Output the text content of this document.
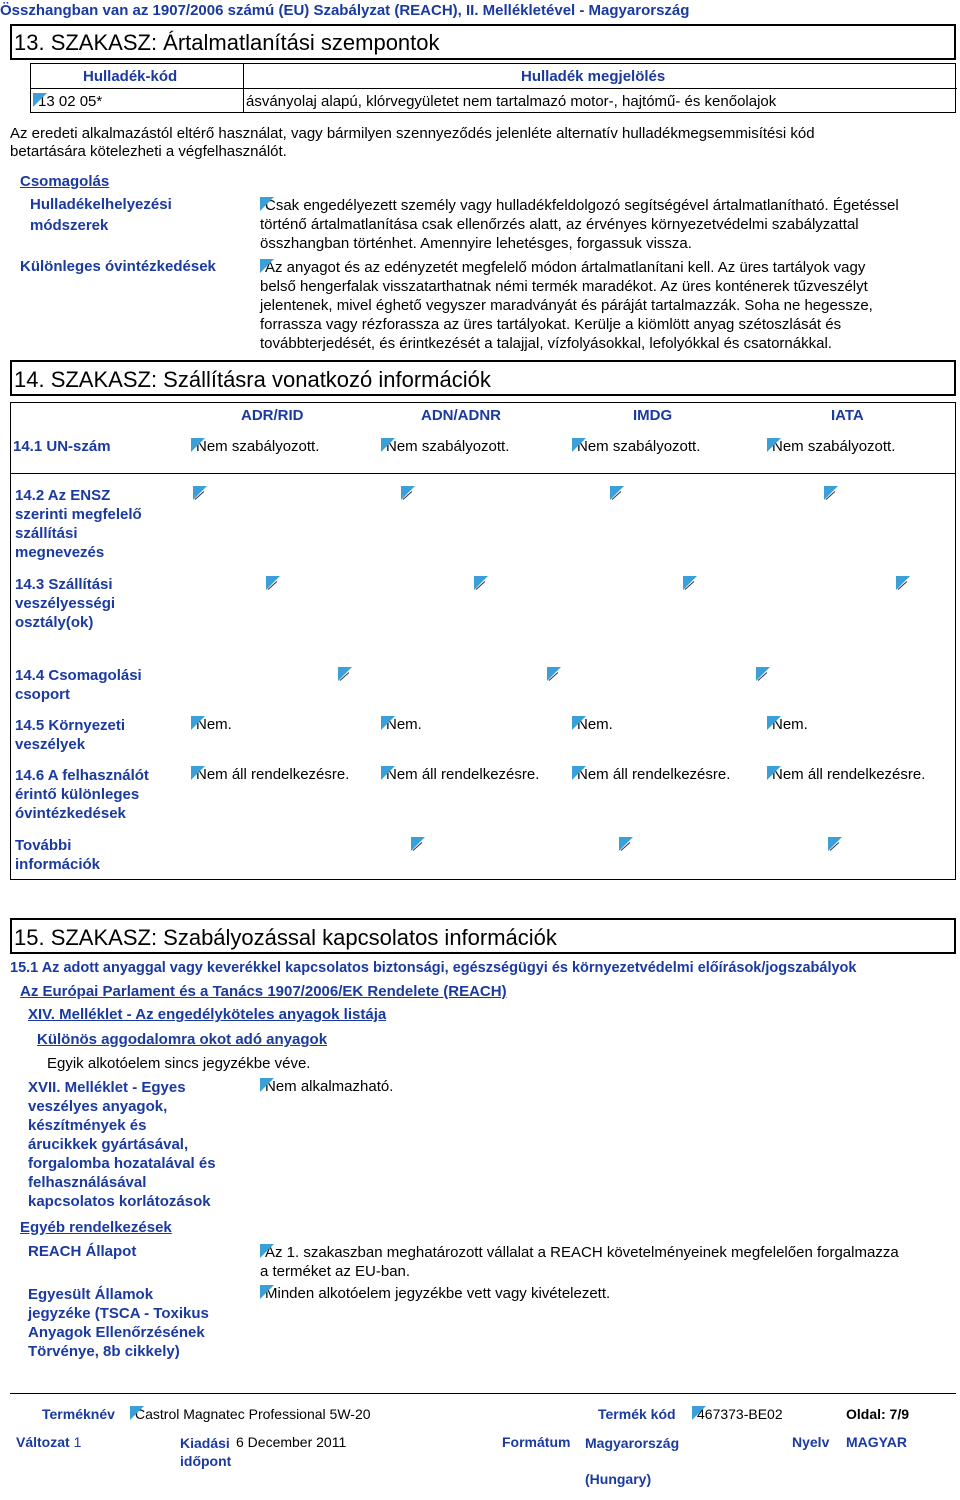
Összhangban van az 1907/2006 számú (EU) Szabályzat (REACH), II. Mellékletével - Magyarország
13. SZAKASZ: Ártalmatlanítási szempontok
Hulladék-kód	Hulladék megjelölés
13 02 05*	ásványolaj alapú, klórvegyületet nem tartalmazó motor-, hajtómű- és kenőolajok
Az eredeti alkalmazástól eltérő használat, vagy bármilyen szennyeződés jelenléte alternatív hulladékmegsemmisítési kód
betartására kötelezheti a végfelhasználót.
Csomagolás
Hulladékelhelyezési
módszerek
Csak engedélyezett személy vagy hulladékfeldolgozó segítségével ártalmatlanítható. Égetéssel
történő ártalmatlanítása csak ellenőrzés alatt, az érvényes környezetvédelmi szabályzattal
összhangban történhet. Amennyire lehetésges, forgassuk vissza.
Különleges óvintézkedések	Az anyagot és az edényzetét megfelelő módon ártalmatlanítani kell. Az üres tartályok vagy
belső hengerfalak visszatarthatnak némi termék maradékot. Az üres konténerek tűzveszélyt
jelentenek, mivel éghető vegyszer maradványát és páráját tartalmazzák. Soha ne hegessze,
forrassza vagy rézforassza az üres tartályokat. Kerülje a kiömlött anyag szétoszlását és
továbbterjedését, és érintkezését a talajjal, vízfolyásokkal, lefolyókkal és csatornákkal.
14. SZAKASZ: Szállításra vonatkozó információk
ADR/RID	ADN/ADNR	IMDG	IATA
14.1 UN-szám	Nem szabályozott.	Nem szabályozott.	Nem szabályozott.	Nem szabályozott.
14.2 Az ENSZ
szerinti megfelelő
szállítási
megnevezés

14.3 Szállítási
veszélyességi
osztály(ok)

14.4 Csomagolási
csoport

14.5 Környezeti
veszélyek
Nem.	Nem.	Nem.	Nem.
14.6 A felhasználót
érintő különleges
óvintézkedések
Nem áll rendelkezésre.	Nem áll rendelkezésre.	Nem áll rendelkezésre.	Nem áll rendelkezésre.
További
információk

15. SZAKASZ: Szabályozással kapcsolatos információk
15.1 Az adott anyaggal vagy keverékkel kapcsolatos biztonsági, egészségügyi és környezetvédelmi előírások/jogszabályok
Az Európai Parlament és a Tanács 1907/2006/EK Rendelete (REACH)
XIV. Melléklet - Az engedélyköteles anyagok listája
Különös aggodalomra okot adó anyagok
Egyik alkotóelem sincs jegyzékbe véve.
XVII. Melléklet - Egyes
veszélyes anyagok,
készítmények és
árucikkek gyártásával,
forgalomba hozatalával és
felhasználásával
kapcsolatos korlátozások
Nem alkalmazható.
Egyéb rendelkezések
REACH Állapot	Az 1. szakaszban meghatározott vállalat a REACH követelményeinek megfelelően forgalmazza
a terméket az EU-ban.
Egyesült Államok
jegyzéke (TSCA - Toxikus
Anyagok Ellenőrzésének
Törvénye, 8b cikkely)
Minden alkotóelem jegyzékbe vett vagy kivételezett.
Terméknév	Castrol Magnatec Professional 5W-20	Termék kód	467373-BE02	Oldal: 7/9
Változat 1	Kiadási
időpont
6 December 2011	Formátum Magyarország
(Hungary)
Nyelv MAGYAR
